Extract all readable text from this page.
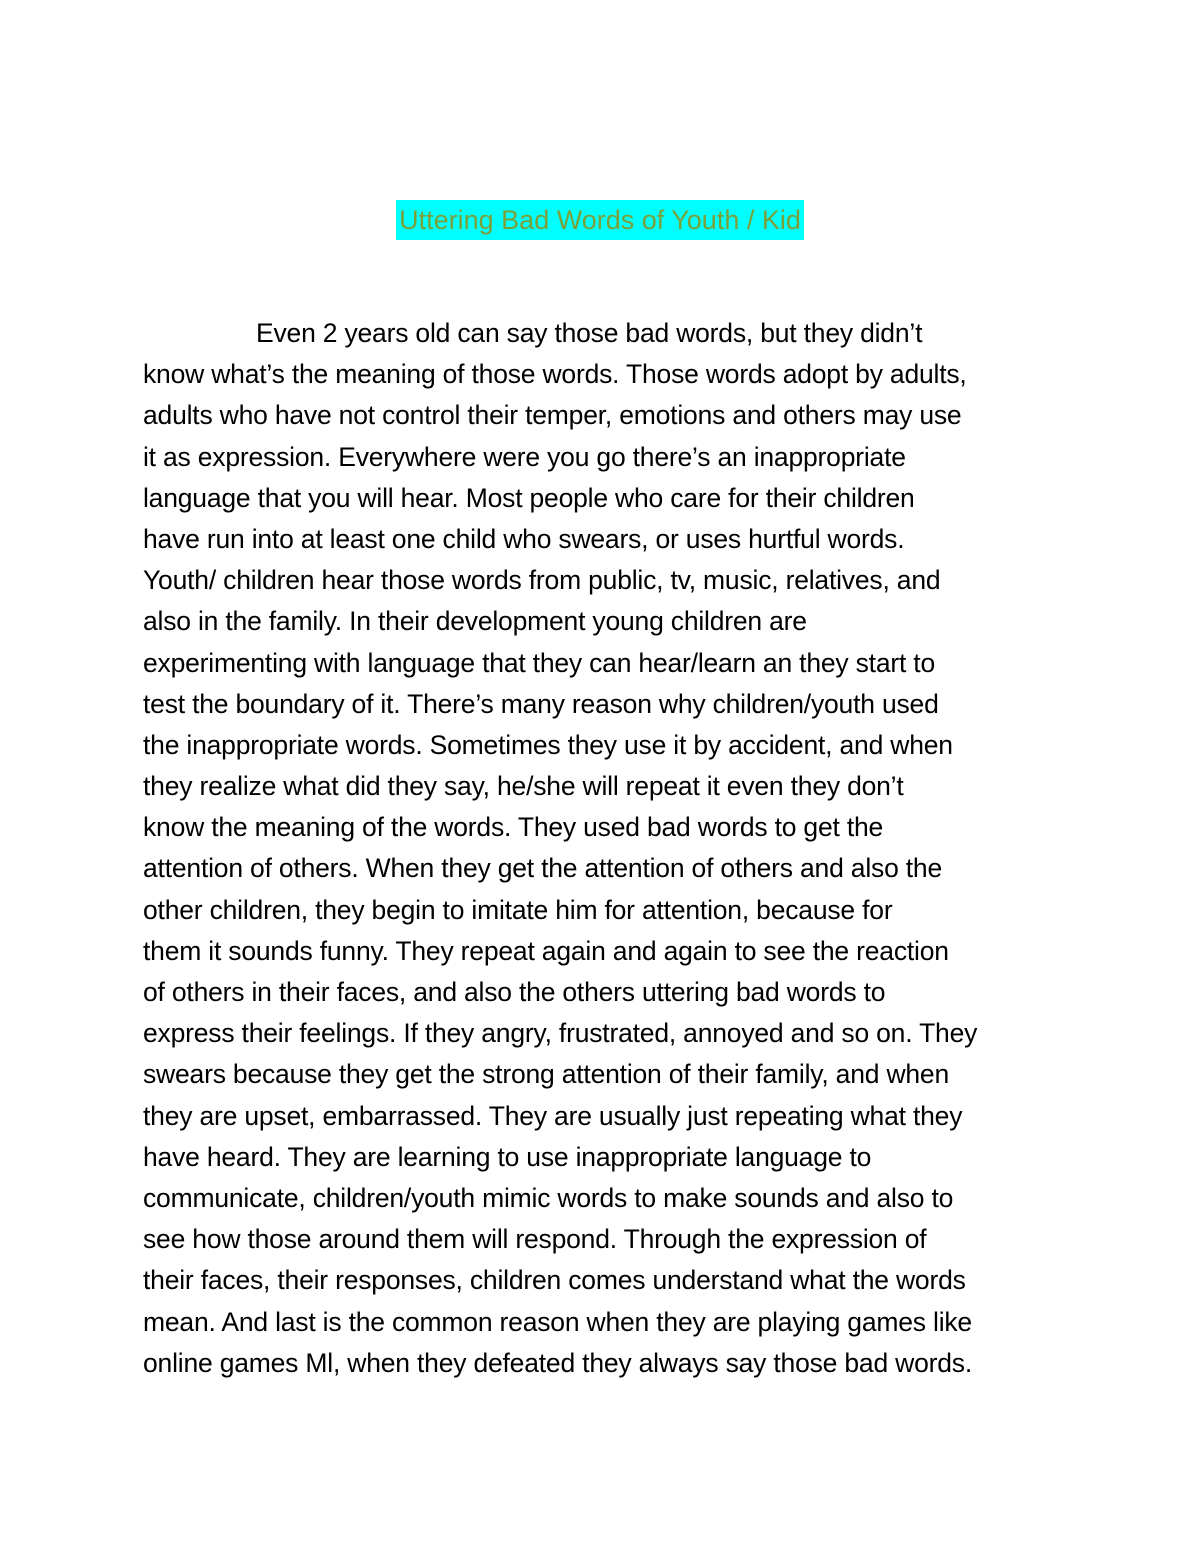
Uttering Bad Words of Youth / Kid
Even 2 years old can say those bad words, but they didn’t
know what’s the meaning of those words. Those words adopt by adults,
adults who have not control their temper, emotions and others may use
it as expression. Everywhere were you go there’s an inappropriate
language that you will hear. Most people who care for their children
have run into at least one child who swears, or uses hurtful words.
Youth/ children hear those words from public, tv, music, relatives, and
also in the family. In their development young children are
experimenting with language that they can hear/learn an they start to
test the boundary of it. There’s many reason why children/youth used
the inappropriate words. Sometimes they use it by accident, and when
they realize what did they say, he/she will repeat it even they don’t
know the meaning of the words. They used bad words to get the
attention of others. When they get the attention of others and also the
other children, they begin to imitate him for attention, because for
them it sounds funny. They repeat again and again to see the reaction
of others in their faces, and also the others uttering bad words to
express their feelings. If they angry, frustrated, annoyed and so on. They
swears because they get the strong attention of their family, and when
they are upset, embarrassed. They are usually just repeating what they
have heard. They are learning to use inappropriate language to
communicate, children/youth mimic words to make sounds and also to
see how those around them will respond. Through the expression of
their faces, their responses, children comes understand what the words
mean. And last is the common reason when they are playing games like
online games Ml, when they defeated they always say those bad words.
